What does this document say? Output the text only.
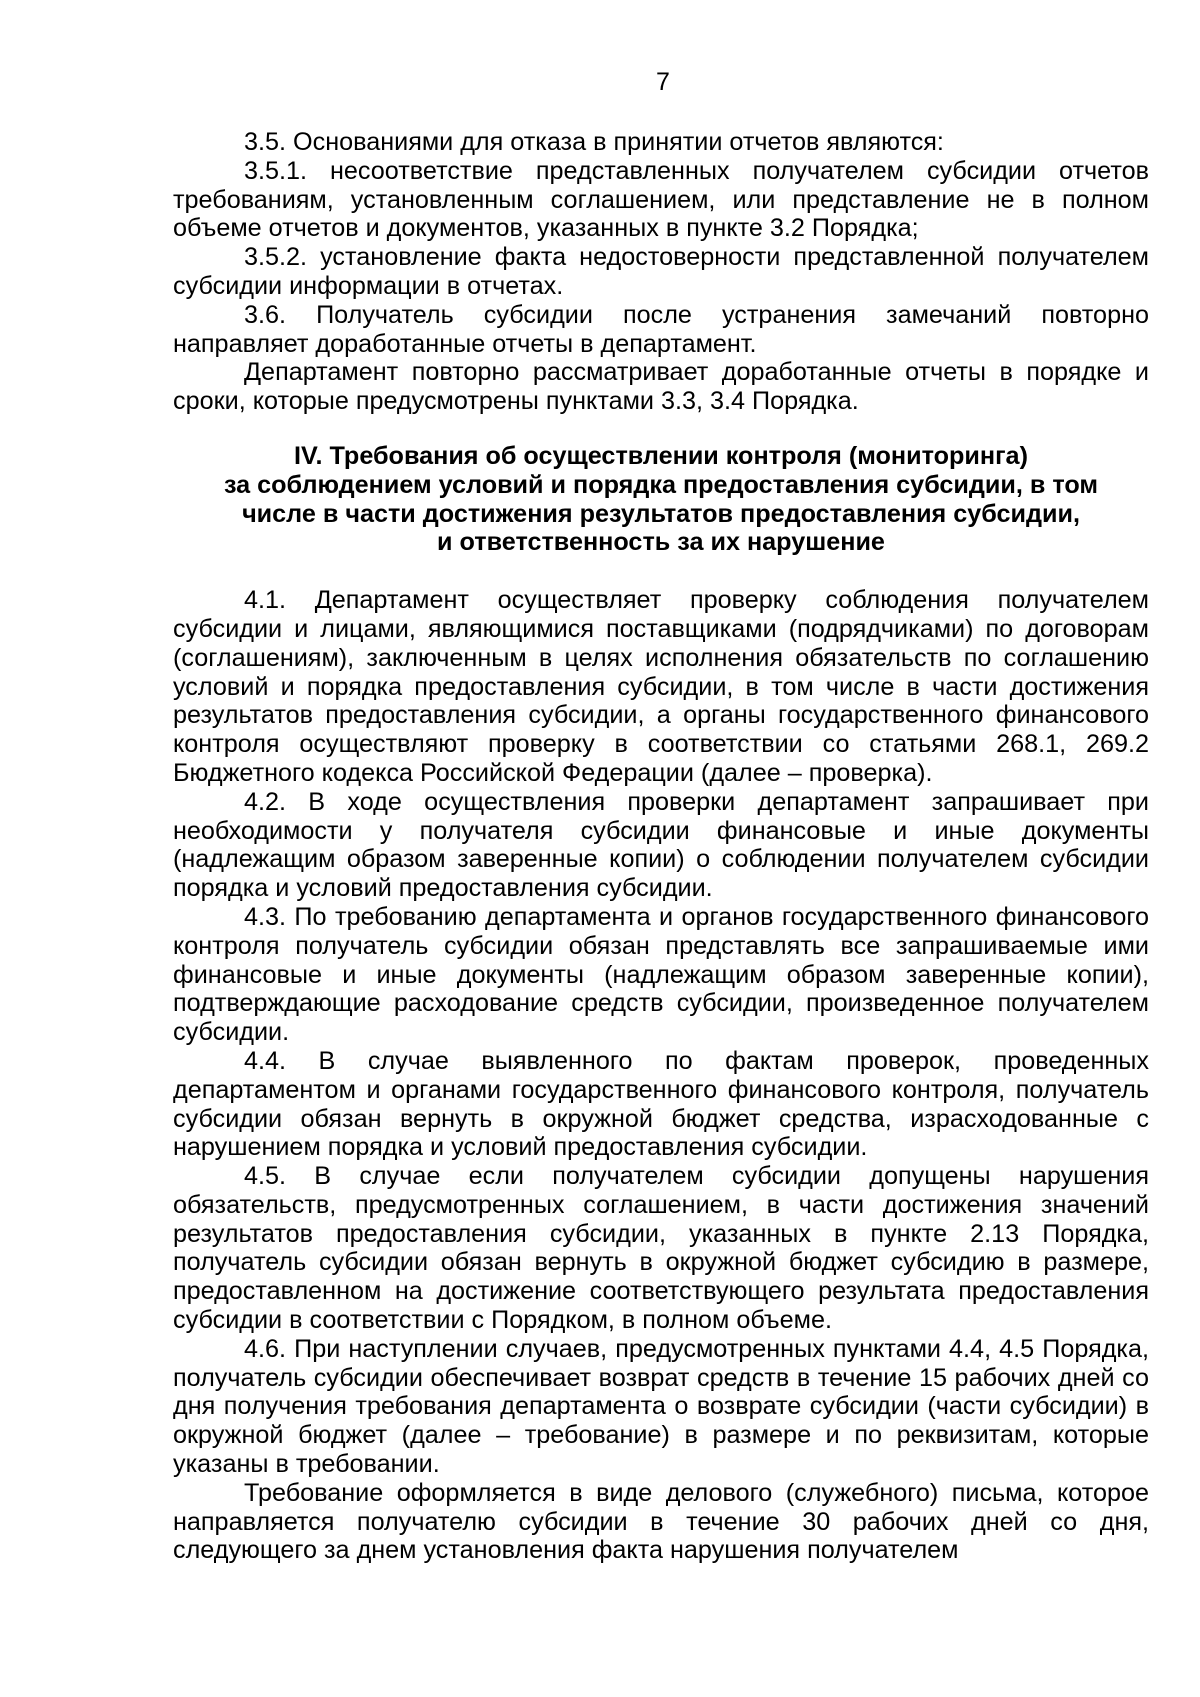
7

3.5. Основаниями для отказа в принятии отчетов являются:

3.5.1. несоответствие представленных получателем субсидии отчетов требованиям, установленным соглашением, или представление не в полном объеме отчетов и документов, указанных в пункте 3.2 Порядка;

3.5.2. установление факта недостоверности представленной получателем субсидии информации в отчетах.

3.6. Получатель субсидии после устранения замечаний повторно направляет доработанные отчеты в департамент.

Департамент повторно рассматривает доработанные отчеты в порядке и сроки, которые предусмотрены пунктами 3.3, 3.4 Порядка.

IV. Требования об осуществлении контроля (мониторинга)
за соблюдением условий и порядка предоставления субсидии, в том
числе в части достижения результатов предоставления субсидии,
и ответственность за их нарушение

4.1. Департамент осуществляет проверку соблюдения получателем субсидии и лицами, являющимися поставщиками (подрядчиками) по договорам (соглашениям), заключенным в целях исполнения обязательств по соглашению условий и порядка предоставления субсидии, в том числе в части достижения результатов предоставления субсидии, а органы государственного финансового контроля осуществляют проверку в соответствии со статьями 268.1, 269.2 Бюджетного кодекса Российской Федерации (далее – проверка).

4.2. В ходе осуществления проверки департамент запрашивает при необходимости у получателя субсидии финансовые и иные документы (надлежащим образом заверенные копии) о соблюдении получателем субсидии порядка и условий предоставления субсидии.

4.3. По требованию департамента и органов государственного финансового контроля получатель субсидии обязан представлять все запрашиваемые ими финансовые и иные документы (надлежащим образом заверенные копии), подтверждающие расходование средств субсидии, произведенное получателем субсидии.

4.4. В случае выявленного по фактам проверок, проведенных департаментом и органами государственного финансового контроля, получатель субсидии обязан вернуть в окружной бюджет средства, израсходованные с нарушением порядка и условий предоставления субсидии.

4.5. В случае если получателем субсидии допущены нарушения обязательств, предусмотренных соглашением, в части достижения значений результатов предоставления субсидии, указанных в пункте 2.13 Порядка, получатель субсидии обязан вернуть в окружной бюджет субсидию в размере, предоставленном на достижение соответствующего результата предоставления субсидии в соответствии с Порядком, в полном объеме.

4.6. При наступлении случаев, предусмотренных пунктами 4.4, 4.5 Порядка, получатель субсидии обеспечивает возврат средств в течение 15 рабочих дней со дня получения требования департамента о возврате субсидии (части субсидии) в окружной бюджет (далее – требование) в размере и по реквизитам, которые указаны в требовании.

Требование оформляется в виде делового (служебного) письма, которое направляется получателю субсидии в течение 30 рабочих дней со дня, следующего за днем установления факта нарушения получателем
